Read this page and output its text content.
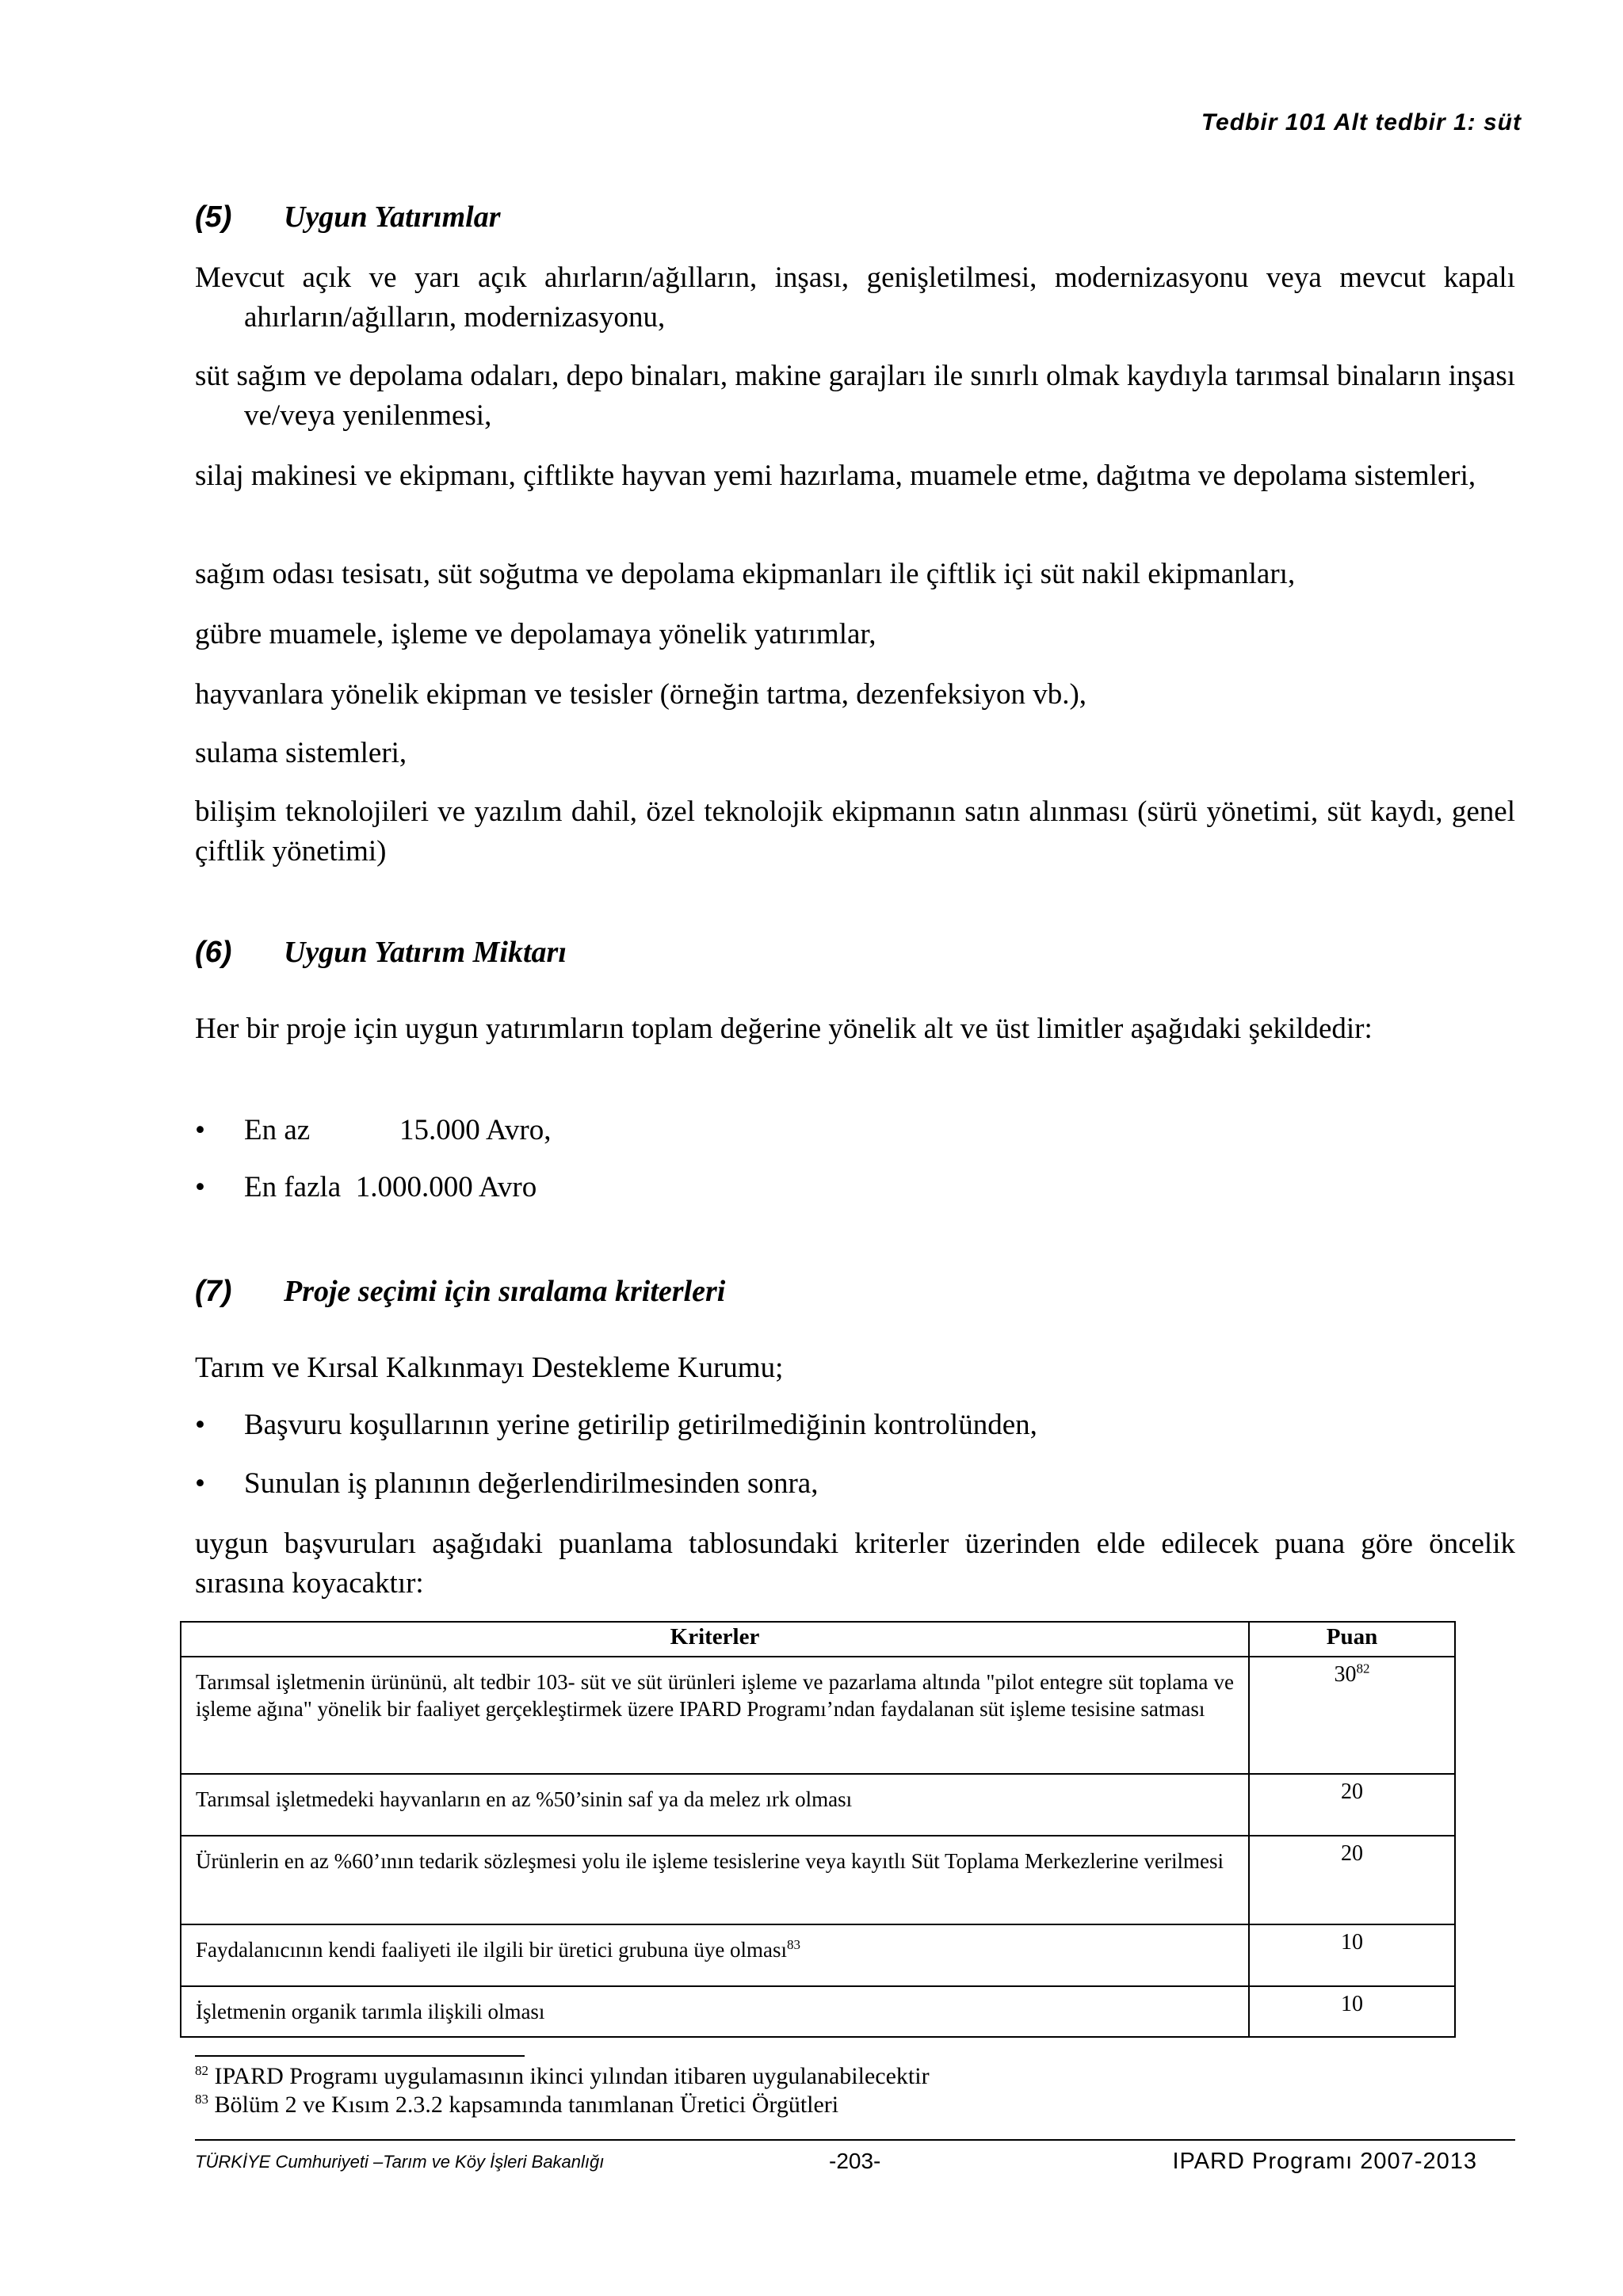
Tedbir 101 Alt tedbir 1: süt
(5) Uygun Yatırımlar
Mevcut açık ve yarı açık ahırların/ağılların, inşası, genişletilmesi, modernizasyonu veya mevcut kapalı ahırların/ağılların, modernizasyonu,
süt sağım ve depolama odaları, depo binaları, makine garajları ile sınırlı olmak kaydıyla tarımsal binaların inşası ve/veya yenilenmesi,
silaj makinesi ve ekipmanı, çiftlikte hayvan yemi hazırlama, muamele etme, dağıtma ve depolama sistemleri,
sağım odası tesisatı, süt soğutma ve depolama ekipmanları ile çiftlik içi süt nakil ekipmanları,
gübre muamele, işleme ve depolamaya yönelik yatırımlar,
hayvanlara yönelik ekipman ve tesisler (örneğin tartma, dezenfeksiyon vb.),
sulama sistemleri,
bilişim teknolojileri ve yazılım dahil, özel teknolojik ekipmanın satın alınması (sürü yönetimi, süt kaydı, genel çiftlik yönetimi)
(6) Uygun Yatırım Miktarı
Her bir proje için uygun yatırımların toplam değerine yönelik alt ve üst limitler aşağıdaki şekildedir:
• En az	15.000 Avro,
• En fazla 1.000.000 Avro
(7) Proje seçimi için sıralama kriterleri
Tarım ve Kırsal Kalkınmayı Destekleme Kurumu;
• Başvuru koşullarının yerine getirilip getirilmediğinin kontrolünden,
• Sunulan iş planının değerlendirilmesinden sonra,
uygun başvuruları aşağıdaki puanlama tablosundaki kriterler üzerinden elde edilecek puana göre öncelik sırasına koyacaktır:
Kriterler	Puan
Tarımsal işletmenin ürününü, alt tedbir 103- süt ve süt ürünleri işleme ve pazarlama altında "pilot entegre süt toplama ve işleme ağına" yönelik bir faaliyet gerçekleştirmek üzere IPARD Programı’ndan faydalanan süt işleme tesisine satması	$30^{82}$
Tarımsal işletmedeki hayvanların en az %50’sinin saf ya da melez ırk olması	20
Ürünlerin en az %60’ının tedarik sözleşmesi yolu ile işleme tesislerine veya kayıtlı Süt Toplama Merkezlerine verilmesi	20
Faydalanıcının kendi faaliyeti ile ilgili bir üretici grubuna üye olması$^{83}$	10
İşletmenin organik tarımla ilişkili olması	10
$^{82}$ IPARD Programı uygulamasının ikinci yılından itibaren uygulanabilecektir
$^{83}$ Bölüm 2 ve Kısım 2.3.2 kapsamında tanımlanan Üretici Örgütleri
TÜRKİYE Cumhuriyeti –Tarım ve Köy İşleri Bakanlığı	-203-	IPARD Programı 2007-2013
